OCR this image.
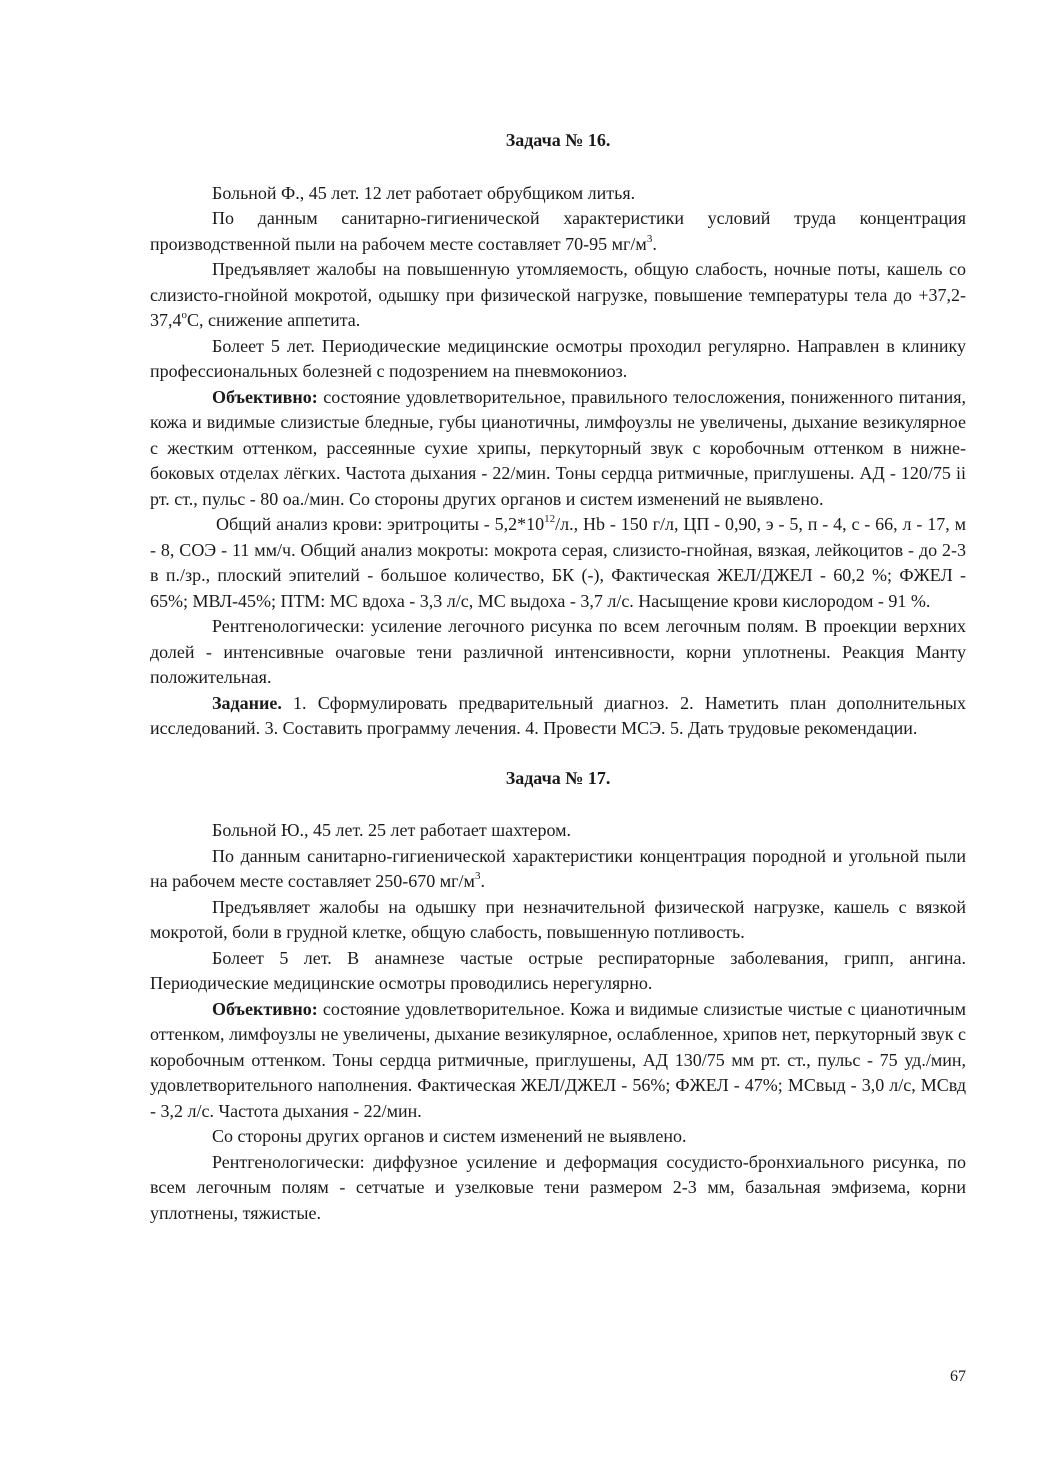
Задача № 16.

Больной Ф., 45 лет. 12 лет работает обрубщиком литья.

По данным санитарно-гигиенической характеристики условий труда концентрация производственной пыли на рабочем месте составляет 70-95 $мг/м^3$.

Предъявляет жалобы на повышенную утомляемость, общую слабость, ночные поты, кашель со слизисто-гнойной мокротой, одышку при физической нагрузке, повышение температуры тела до $+37,2-37,4^оС$, снижение аппетита.

Болеет 5 лет. Периодические медицинские осмотры проходил регулярно. Направлен в клинику профессиональных болезней с подозрением на пневмокониоз.

Объективно: состояние удовлетворительное, правильного телосложения, пониженного питания, кожа и видимые слизистые бледные, губы цианотичны, лимфоузлы не увеличены, дыхание везикулярное с жестким оттенком, рассеянные сухие хрипы, перкуторный звук с коробочным оттенком в нижне-боковых отделах лёгких. Частота дыхания - 22/мин. Тоны сердца ритмичные, приглушены. АД - 120/75 ii рт. ст., пульс - 80 оа./мин. Со стороны других органов и систем изменений не выявлено.

Общий анализ крови: эритроциты - $5,2*10^{12}/л$., Hb - 150 г/л, ЦП - 0,90, э - 5, п - 4, с - 66, л - 17, м - 8, СОЭ - 11 мм/ч. Общий анализ мокроты: мокрота серая, слизисто-гнойная, вязкая, лейкоцитов - до 2-3 в п./зр., плоский эпителий - большое количество, БК (-), Фактическая ЖЕЛ/ДЖЕЛ - 60,2 %; ФЖЕЛ - 65%; МВЛ-45%; ПТМ: МС вдоха - 3,3 л/с, МС выдоха - 3,7 л/с. Насыщение крови кислородом - 91 %.

Рентгенологически: усиление легочного рисунка по всем легочным полям. В проекции верхних долей - интенсивные очаговые тени различной интенсивности, корни уплотнены. Реакция Манту положительная.

Задание. 1. Сформулировать предварительный диагноз. 2. Наметить план дополнительных исследований. 3. Составить программу лечения. 4. Провести МСЭ. 5. Дать трудовые рекомендации.

Задача № 17.

Больной Ю., 45 лет. 25 лет работает шахтером.

По данным санитарно-гигиенической характеристики концентрация породной и угольной пыли на рабочем месте составляет 250-670 $мг/м^3$.

Предъявляет жалобы на одышку при незначительной физической нагрузке, кашель с вязкой мокротой, боли в грудной клетке, общую слабость, повышенную потливость.

Болеет 5 лет. В анамнезе частые острые респираторные заболевания, грипп, ангина. Периодические медицинские осмотры проводились нерегулярно.

Объективно: состояние удовлетворительное. Кожа и видимые слизистые чистые с цианотичным оттенком, лимфоузлы не увеличены, дыхание везикулярное, ослабленное, хрипов нет, перкуторный звук с коробочным оттенком. Тоны сердца ритмичные, приглушены, АД 130/75 мм рт. ст., пульс - 75 уд./мин, удовлетворительного наполнения. Фактическая ЖЕЛ/ДЖЕЛ - 56%; ФЖЕЛ - 47%; МСвыд - 3,0 л/с, МСвд - 3,2 л/с. Частота дыхания - 22/мин.

Со стороны других органов и систем изменений не выявлено.

Рентгенологически: диффузное усиление и деформация сосудисто-бронхиального рисунка, по всем легочным полям - сетчатые и узелковые тени размером 2-3 мм, базальная эмфизема, корни уплотнены, тяжистые.

67
